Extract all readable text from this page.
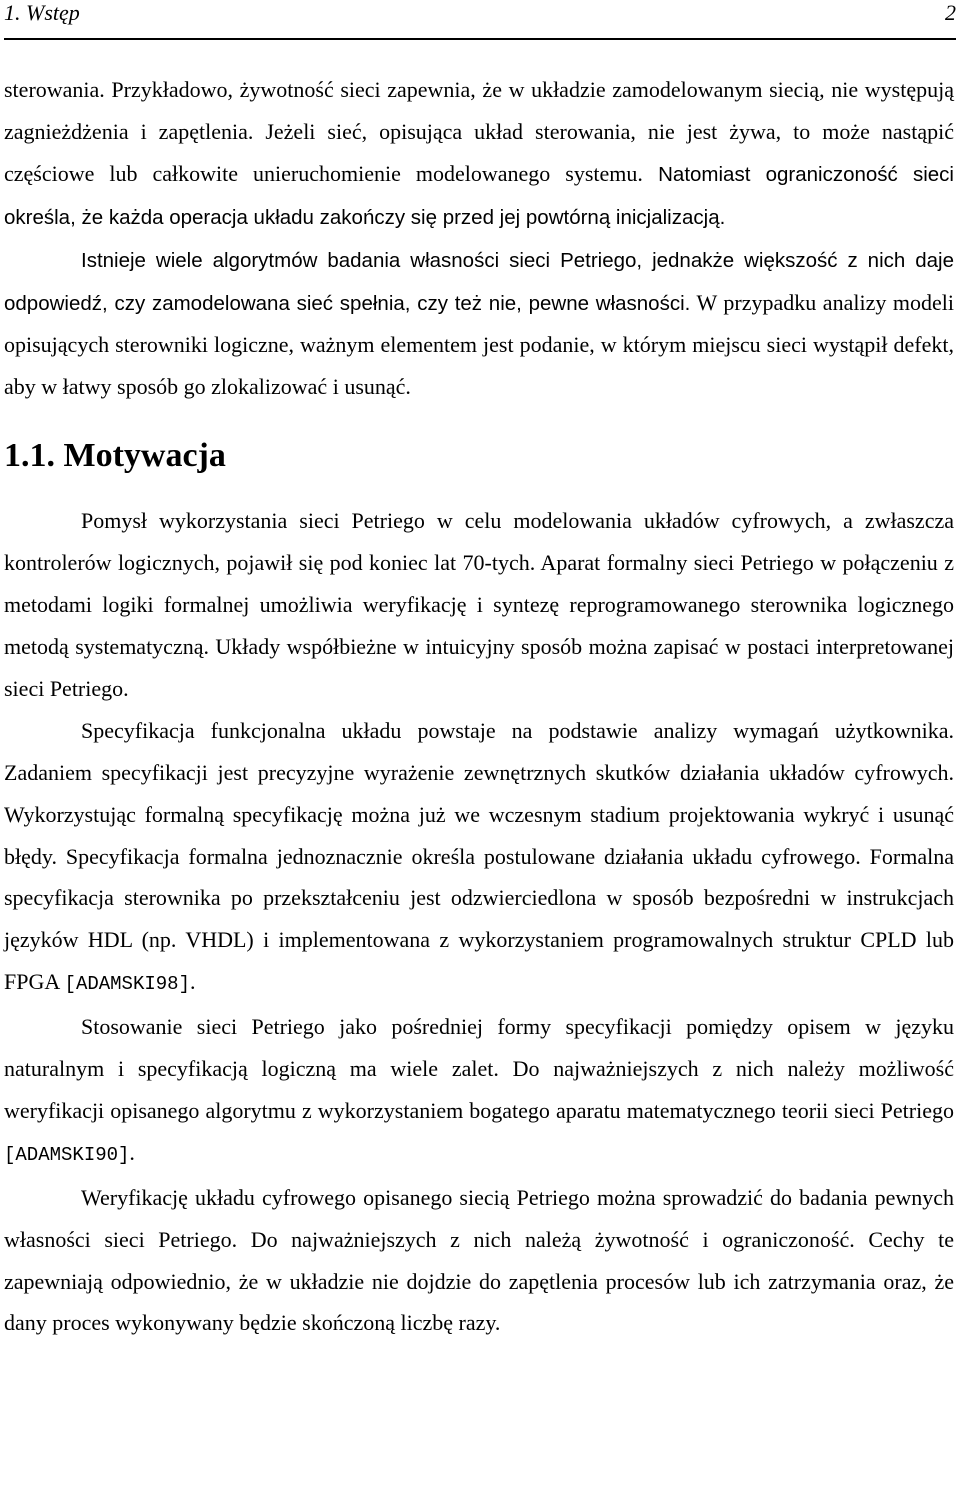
1. Wstęp	2

sterowania. Przykładowo, żywotność sieci zapewnia, że w układzie zamodelowanym siecią, nie występują zagnieżdżenia i zapętlenia. Jeżeli sieć, opisująca układ sterowania, nie jest żywa, to może nastąpić częściowe lub całkowite unieruchomienie modelowanego systemu. Natomiast ograniczoność sieci określa, że każda operacja układu zakończy się przed jej powtórną inicjalizacją.

Istnieje wiele algorytmów badania własności sieci Petriego, jednakże większość z nich daje odpowiedź, czy zamodelowana sieć spełnia, czy też nie, pewne własności. W przypadku analizy modeli opisujących sterowniki logiczne, ważnym elementem jest podanie, w którym miejscu sieci wystąpił defekt, aby w łatwy sposób go zlokalizować i usunąć.

1.1. Motywacja

Pomysł wykorzystania sieci Petriego w celu modelowania układów cyfrowych, a zwłaszcza kontrolerów logicznych, pojawił się pod koniec lat 70-tych. Aparat formalny sieci Petriego w połączeniu z metodami logiki formalnej umożliwia weryfikację i syntezę reprogramowanego sterownika logicznego metodą systematyczną. Układy współbieżne w intuicyjny sposób można zapisać w postaci interpretowanej sieci Petriego.

Specyfikacja funkcjonalna układu powstaje na podstawie analizy wymagań użytkownika. Zadaniem specyfikacji jest precyzyjne wyrażenie zewnętrznych skutków działania układów cyfrowych. Wykorzystując formalną specyfikację można już we wczesnym stadium projektowania wykryć i usunąć błędy. Specyfikacja formalna jednoznacznie określa postulowane działania układu cyfrowego. Formalna specyfikacja sterownika po przekształceniu jest odzwierciedlona w sposób bezpośredni w instrukcjach języków HDL (np. VHDL) i implementowana z wykorzystaniem programowalnych struktur CPLD lub FPGA [ADAMSKI98].

Stosowanie sieci Petriego jako pośredniej formy specyfikacji pomiędzy opisem w języku naturalnym i specyfikacją logiczną ma wiele zalet. Do najważniejszych z nich należy możliwość weryfikacji opisanego algorytmu z wykorzystaniem bogatego aparatu matematycznego teorii sieci Petriego [ADAMSKI90].

Weryfikację układu cyfrowego opisanego siecią Petriego można sprowadzić do badania pewnych własności sieci Petriego. Do najważniejszych z nich należą żywotność i ograniczoność. Cechy te zapewniają odpowiednio, że w układzie nie dojdzie do zapętlenia procesów lub ich zatrzymania oraz, że dany proces wykonywany będzie skończoną liczbę razy.
